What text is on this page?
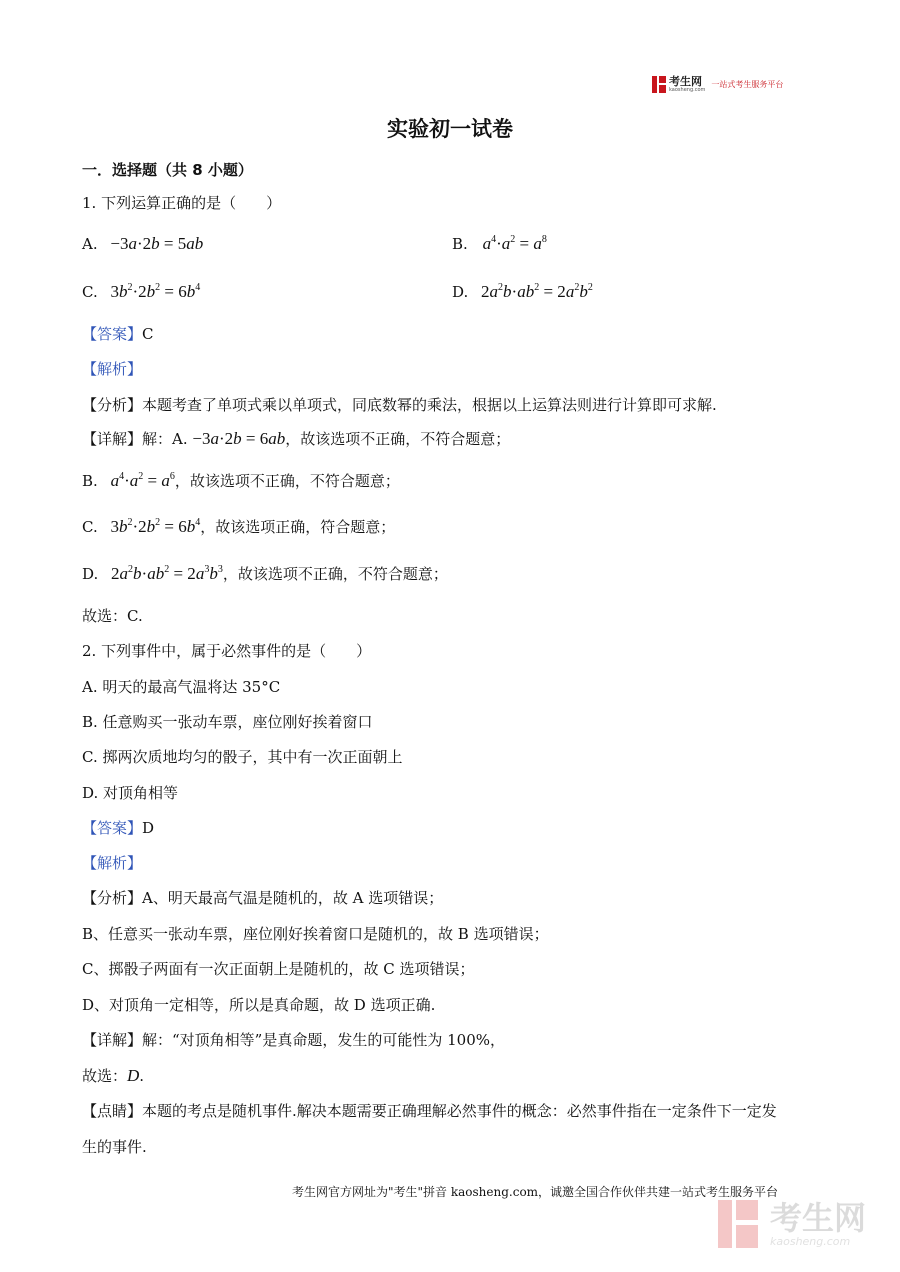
考生网
kaosheng.com
一站式考生服务平台
实验初一试卷
一．选择题（共 8 小题）
1. 下列运算正确的是（　　）
A. −3a·2b = 5ab	B. $a^4\cdot a^2 = a^8$
C. $3b^2\cdot 2b^2 = 6b^4$	D. $2a^2b\cdot ab^2 = 2a^2b^2$
【答案】C
【解析】
【分析】本题考查了单项式乘以单项式，同底数幂的乘法，根据以上运算法则进行计算即可求解.
【详解】解：A. −3a·2b = 6ab，故该选项不正确，不符合题意；
B. $a^4\cdot a^2 = a^6$，故该选项不正确，不符合题意；
C. $3b^2\cdot 2b^2 = 6b^4$，故该选项正确，符合题意；
D. $2a^2b\cdot ab^2 = 2a^3b^3$，故该选项不正确，不符合题意；
故选：C.
2. 下列事件中，属于必然事件的是（　　）
A. 明天的最高气温将达 35°C
B. 任意购买一张动车票，座位刚好挨着窗口
C. 掷两次质地均匀的骰子，其中有一次正面朝上
D. 对顶角相等
【答案】D
【解析】
【分析】A、明天最高气温是随机的，故 A 选项错误；
B、任意买一张动车票，座位刚好挨着窗口是随机的，故 B 选项错误；
C、掷骰子两面有一次正面朝上是随机的，故 C 选项错误；
D、对顶角一定相等，所以是真命题，故 D 选项正确.
【详解】解：“对顶角相等”是真命题，发生的可能性为 100%，
故选：D.
【点睛】本题的考点是随机事件.解决本题需要正确理解必然事件的概念：必然事件指在一定条件下一定发
生的事件.
考生网官方网址为"考生"拼音 kaosheng.com，诚邀全国合作伙伴共建一站式考生服务平台
考生网
kaosheng.com
